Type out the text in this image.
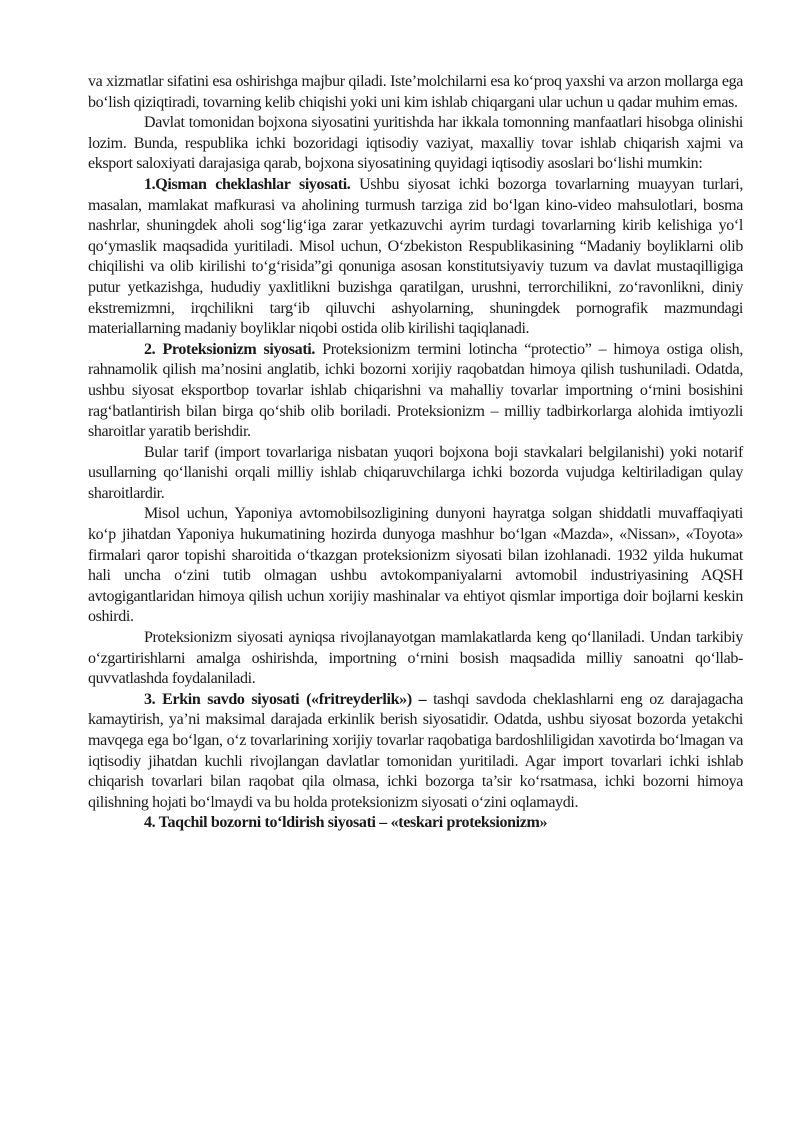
va xizmatlar sifatini esa oshirishga majbur qiladi. Iste’molchilarni esa ko‘proq yaxshi va arzon mollarga ega bo‘lish qiziqtiradi, tovarning kelib chiqishi yoki uni kim ishlab chiqargani ular uchun u qadar muhim emas.

Davlat tomonidan bojxona siyosatini yuritishda har ikkala tomonning manfaatlari hisobga olinishi lozim. Bunda, respublika ichki bozoridagi iqtisodiy vaziyat, maxalliy tovar ishlab chiqarish xajmi va eksport saloxiyati darajasiga qarab, bojxona siyosatining quyidagi iqtisodiy asoslari bo‘lishi mumkin:

1.Qisman cheklashlar siyosati. Ushbu siyosat ichki bozorga tovarlarning muayyan turlari, masalan, mamlakat mafkurasi va aholining turmush tarziga zid bo‘lgan kino-video mahsulotlari, bosma nashrlar, shuningdek aholi sog‘lig‘iga zarar yetkazuvchi ayrim turdagi tovarlarning kirib kelishiga yo‘l qo‘ymaslik maqsadida yuritiladi. Misol uchun, O‘zbekiston Respublikasining “Madaniy boyliklarni olib chiqilishi va olib kirilishi to‘g‘risida”gi qonuniga asosan konstitutsiyaviy tuzum va davlat mustaqilligiga putur yetkazishga, hududiy yaxlitlikni buzishga qaratilgan, urushni, terrorchilikni, zo‘ravonlikni, diniy ekstremizmni, irqchilikni targ‘ib qiluvchi ashyolarning, shuningdek pornografik mazmundagi materiallarning madaniy boyliklar niqobi ostida olib kirilishi taqiqlanadi.

2. Proteksionizm siyosati. Proteksionizm termini lotincha “protectio” – himoya ostiga olish, rahnamolik qilish ma’nosini anglatib, ichki bozorni xorijiy raqobatdan himoya qilish tushuniladi. Odatda, ushbu siyosat eksportbop tovarlar ishlab chiqarishni va mahalliy tovarlar importning o‘rnini bosishini rag‘batlantirish bilan birga qo‘shib olib boriladi. Proteksionizm – milliy tadbirkorlarga alohida imtiyozli sharoitlar yaratib berishdir.

Bular tarif (import tovarlariga nisbatan yuqori bojxona boji stavkalari belgilanishi) yoki notarif usullarning qo‘llanishi orqali milliy ishlab chiqaruvchilarga ichki bozorda vujudga keltiriladigan qulay sharoitlardir.

Misol uchun, Yaponiya avtomobilsozligining dunyoni hayratga solgan shiddatli muvaffaqiyati ko‘p jihatdan Yaponiya hukumatining hozirda dunyoga mashhur bo‘lgan «Mazda», «Nissan», «Toyota» firmalari qaror topishi sharoitida o‘tkazgan proteksionizm siyosati bilan izohlanadi. 1932 yilda hukumat hali uncha o‘zini tutib olmagan ushbu avtokompaniyalarni avtomobil industriyasining AQSH avtogigantlaridan himoya qilish uchun xorijiy mashinalar va ehtiyot qismlar importiga doir bojlarni keskin oshirdi.

Proteksionizm siyosati ayniqsa rivojlanayotgan mamlakatlarda keng qo‘llaniladi. Undan tarkibiy o‘zgartirishlarni amalga oshirishda, importning o‘rnini bosish maqsadida milliy sanoatni qo‘llab-quvvatlashda foydalaniladi.

3. Erkin savdo siyosati («fritreyderlik») – tashqi savdoda cheklashlarni eng oz darajagacha kamaytirish, ya’ni maksimal darajada erkinlik berish siyosatidir. Odatda, ushbu siyosat bozorda yetakchi mavqega ega bo‘lgan, o‘z tovarlarining xorijiy tovarlar raqobatiga bardoshliligidan xavotirda bo‘lmagan va iqtisodiy jihatdan kuchli rivojlangan davlatlar tomonidan yuritiladi. Agar import tovarlari ichki ishlab chiqarish tovarlari bilan raqobat qila olmasa, ichki bozorga ta’sir ko‘rsatmasa, ichki bozorni himoya qilishning hojati bo‘lmaydi va bu holda proteksionizm siyosati o‘zini oqlamaydi.

4. Taqchil bozorni to‘ldirish siyosati – «teskari proteksionizm»
